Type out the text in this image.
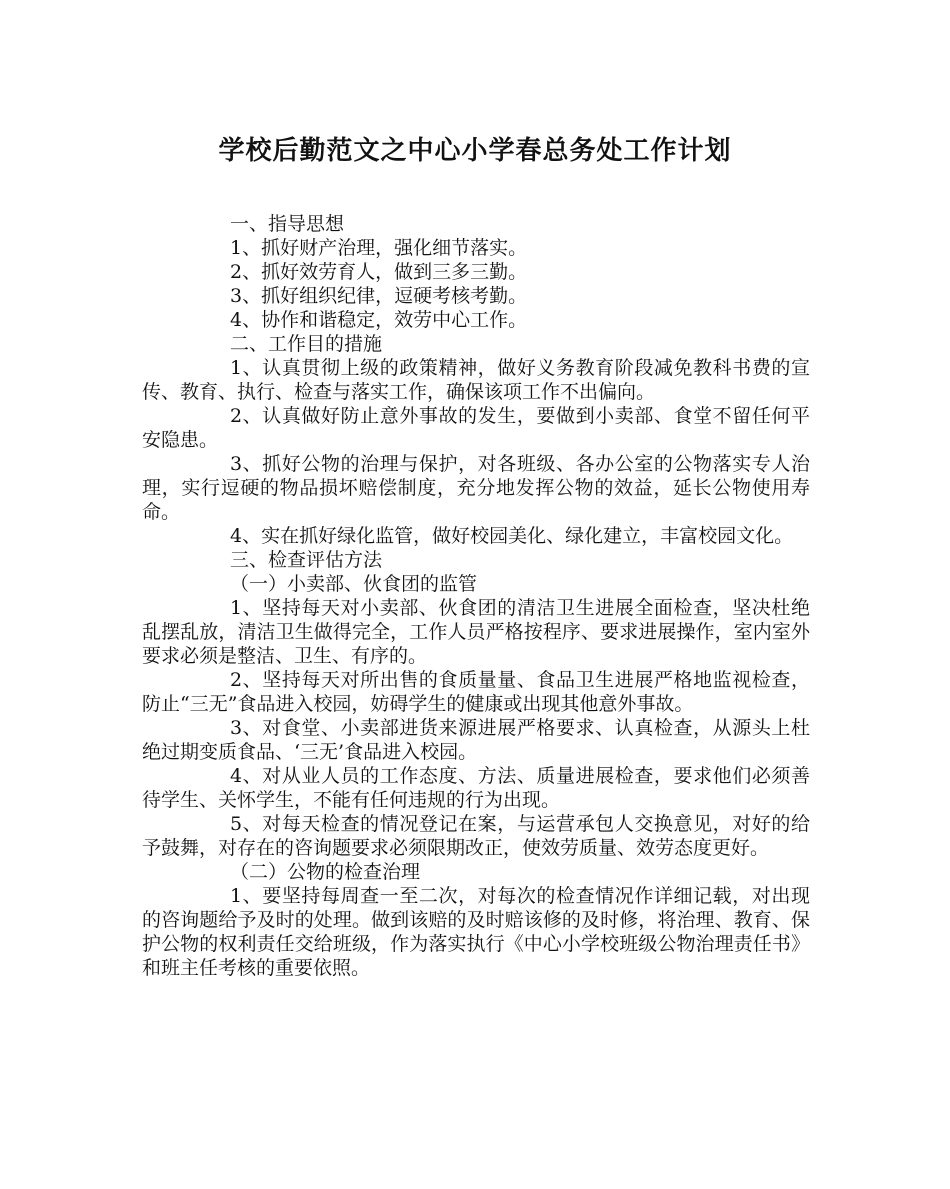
学校后勤范文之中心小学春总务处工作计划

一、指导思想

1、抓好财产治理，强化细节落实。

2、抓好效劳育人，做到三多三勤。

3、抓好组织纪律，逗硬考核考勤。

4、协作和谐稳定，效劳中心工作。

二、工作目的措施

1、认真贯彻上级的政策精神，做好义务教育阶段减免教科书费的宣传、教育、执行、检查与落实工作，确保该项工作不出偏向。

2、认真做好防止意外事故的发生，要做到小卖部、食堂不留任何平安隐患。

3、抓好公物的治理与保护，对各班级、各办公室的公物落实专人治理，实行逗硬的物品损坏赔偿制度，充分地发挥公物的效益，延长公物使用寿命。

4、实在抓好绿化监管，做好校园美化、绿化建立，丰富校园文化。

三、检查评估方法

（一）小卖部、伙食团的监管

1、坚持每天对小卖部、伙食团的清洁卫生进展全面检查，坚决杜绝乱摆乱放，清洁卫生做得完全，工作人员严格按程序、要求进展操作，室内室外要求必须是整洁、卫生、有序的。

2、坚持每天对所出售的食质量量、食品卫生进展严格地监视检查，防止“三无”食品进入校园，妨碍学生的健康或出现其他意外事故。

3、对食堂、小卖部进货来源进展严格要求、认真检查，从源头上杜绝过期变质食品、‘三无’食品进入校园。

4、对从业人员的工作态度、方法、质量进展检查，要求他们必须善待学生、关怀学生，不能有任何违规的行为出现。

5、对每天检查的情况登记在案，与运营承包人交换意见，对好的给予鼓舞，对存在的咨询题要求必须限期改正，使效劳质量、效劳态度更好。

（二）公物的检查治理

1、要坚持每周查一至二次，对每次的检查情况作详细记载，对出现的咨询题给予及时的处理。做到该赔的及时赔该修的及时修，将治理、教育、保护公物的权利责任交给班级，作为落实执行《中心小学校班级公物治理责任书》和班主任考核的重要依照。
